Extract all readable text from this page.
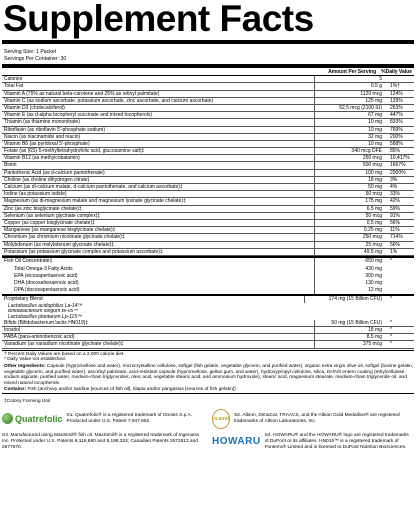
Supplement Facts
Serving Size: 1 Packet
Servings Per Container: 30
Amount Per Serving %Daily Value
Calories	5
Total Fat	0.5 g	1%†
Vitamin A (75% as natural beta-carotene and 25% as retinyl palmitate)	1120 mcg	124%
Vitamin C (as sodium ascorbate, potassium ascorbate, zinc ascorbate, and calcium ascorbate)	125 mg	139%
Vitamin D3 (cholecalciferol)	52.5 mcg (2100 IU)	263%
Vitamin E (as d-alpha tocopheryl succinate and mixed tocopherols)	67 mg	447%
Thiamin (as thiamine mononitrate)	10 mg	833%
Riboflavin (as riboflavin 5'-phosphate sodium)	10 mg	769%
Niacin (as niacinamide and niacin)	32 mg	200%
Vitamin B6 (as pyridoxal 5'-phosphate)	10 mg	588%
Folate (as (6S)-5-methyltetrahydrofolic acid, glucosamine salt)‡	340 mcg DFE	85%
Vitamin B12 (as methylcobalamin)	250 mcg	10,417%
Biotin	500 mcg	1667%
Pantothenic Acid (as d-calcium pantothenate)	100 mg	2000%
Choline (as choline dihydrogen citrate)	18 mg	3%
Calcium (as di-calcium malate, d-calcium pantothenate, and calcium ascorbate)‡	50 mg	4%
Iodine (as potassium iodide)	50 mcg	33%
Magnesium (as di-magnesium malate and magnesium lysinate glycinate chelate)‡	175 mg	42%
Zinc (as zinc bisglycinate chelate)‡	6.5 mg	59%
Selenium (as selenium glycinate complex)‡	50 mcg	91%
Copper (as copper bisglycinate chelate)‡	0.5 mg	56%
Manganese (as manganese bisglycinate chelate)‡	0.25 mg	11%
Chromium (as chromium nicotinate glycinate chelate)‡	250 mcg	714%
Molybdenum (as molybdenum glycinate chelate)‡	25 mcg	56%
Potassium (as potassium glycinate complex and potassium ascorbate)‡	49.5 mg	1%
Fish Oil Concentrate‡	650 mg	*
Total Omega-3 Fatty Acids	430 mg
EPA (eicosapentaenoic acid)	300 mg
DHA (docosahexaenoic acid)	130 mg
DPA (docosapentaenoic acid)	12 mg
Proprietary Blend	174 mg (15 Billion CFU)	*
Lactobacillus acidophilus La-14™
Bifidobacterium longum Bl-05™
Lactobacillus plantarum Lp-115™
Bifido (Bifidobacterium lactis HN019)‡	50 mg (15 Billion CFU)	*
Inositol	18 mg	*
PABA (para-aminobenzoic acid)	8.5 mg	*
Vanadium (as vanadium nicotinate glycinate chelate)‡	375 mcg	*
† Percent Daily Values are based on a 2,000 calorie diet.
* Daily Value not established.
Other Ingredients: Capsule (hypromellose and water), microcrystalline cellulose, softgel (fish gelatin, vegetable glycerin, and purified water), organic extra virgin olive oil, softgel (bovine gelatin, vegetable glycerin, and purified water), ascorbyl palmitate, acid-resistant capsule (hypromellose, gellan gum, and water), hydroxypropyl cellulose, silica, DHA/0 entero coating (ethylcellulose, sodium alginate, purified water, medium-chain triglycerides, oleic acid, vegetable stearic acid, and ammonium hydroxide), stearic acid, magnesium stearate, medium-chain triglyceride oil, and mixed natural tocopherols.
Contains: Fish (anchovy and/or sardine [sources of fish oil], tilapia and/or pangasius [sources of fish gelatin])
‡Colony Forming Unit
Quatrefolic S1. Quatrefolic® is a registered trademark of Gnosis S.p.A. Produced under U.S. Patent 7,947,662.
ALBION
S2. Albion, DimaCal, TRAACS, and the Albion Gold Medallion® are registered trademarks of Albion Laboratories, Inc.
S3. Manufactured using MaxSimil® fish oil. MaxSimil® is a registered trademark of Ingenutra Inc. Protected under U.S. Patents 8,119,690 and 8,198,324; Canadian Patents 2672513 and 2677670.
HOWARU
S4. HOWARU® and the HOWARU® logo are registered trademarks of DuPont or its affiliates. HN019™ is a registered trademark of Fonterra® Limited and is licensed to DuPont Nutrition Biosciences.
